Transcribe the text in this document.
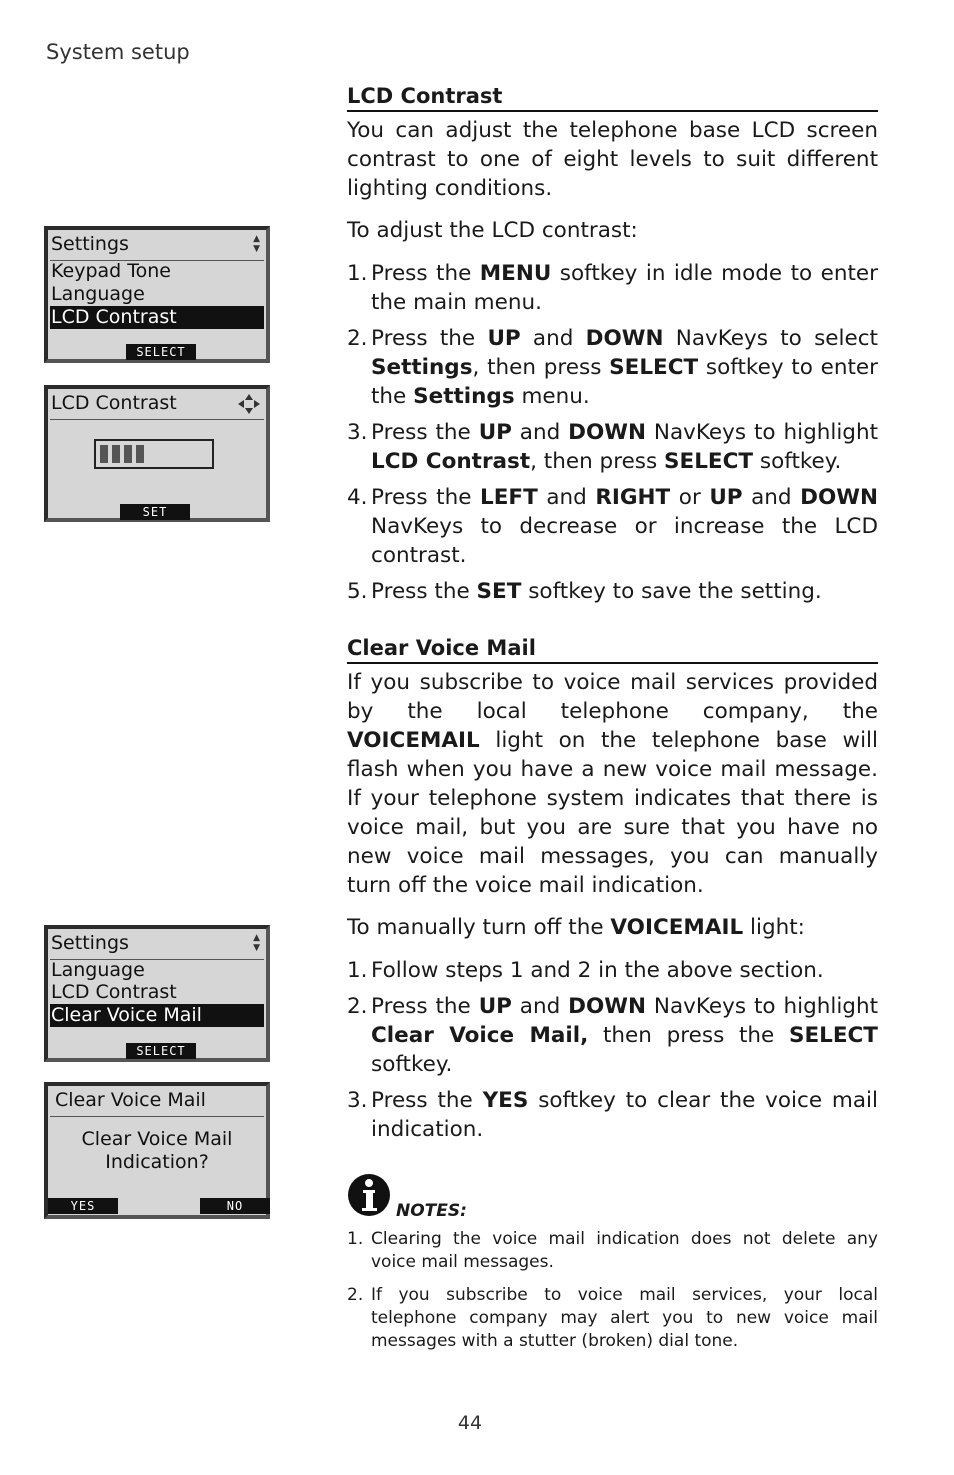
System setup
Settings	▲
▼
Keypad Tone
Language
LCD Contrast
SELECT
LCD Contrast
SET
Settings	▲
▼
Language
LCD Contrast
Clear Voice Mail
SELECT
Clear Voice Mail
Clear Voice Mail
Indication?
YES	NO
LCD Contrast

You can adjust the telephone base LCD screen contrast to one of eight levels to suit different lighting conditions.

To adjust the LCD contrast:

1. Press the MENU softkey in idle mode to enter the main menu.
2. Press the UP and DOWN NavKeys to select Settings, then press SELECT softkey to enter the Settings menu.
3. Press the UP and DOWN NavKeys to highlight LCD Contrast, then press SELECT softkey.
4. Press the LEFT and RIGHT or UP and DOWN NavKeys to decrease or increase the LCD contrast.
5. Press the SET softkey to save the setting.
Clear Voice Mail

If you subscribe to voice mail services provided by the local telephone company, the VOICEMAIL light on the telephone base will flash when you have a new voice mail message. If your telephone system indicates that there is voice mail, but you are sure that you have no new voice mail messages, you can manually turn off the voice mail indication.

To manually turn off the VOICEMAIL light:

1. Follow steps 1 and 2 in the above section.
2. Press the UP and DOWN NavKeys to highlight Clear Voice Mail, then press the SELECT softkey.
3. Press the YES softkey to clear the voice mail indication.
NOTES:
1. Clearing the voice mail indication does not delete any voice mail messages.
2. If you subscribe to voice mail services, your local telephone company may alert you to new voice mail messages with a stutter (broken) dial tone.
44
